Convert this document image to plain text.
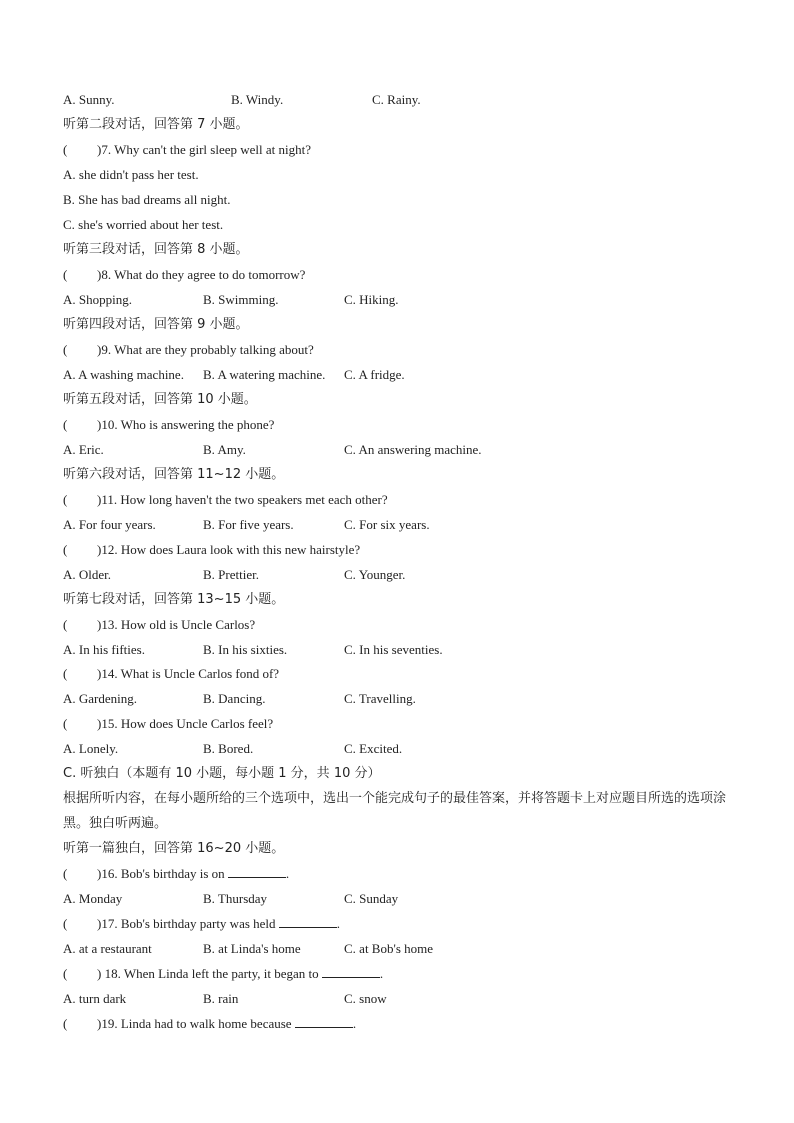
A. Sunny.	B. Windy.	C. Rainy.
听第二段对话，回答第 7 小题。
( )7. Why can't the girl sleep well at night?
A. she didn't pass her test.
B. She has bad dreams all night.
C. she's worried about her test.
听第三段对话，回答第 8 小题。
( )8. What do they agree to do tomorrow?
A. Shopping.	B. Swimming.	C. Hiking.
听第四段对话，回答第 9 小题。
( )9. What are they probably talking about?
A. A washing machine. B. A watering machine. C. A fridge.
听第五段对话，回答第 10 小题。
( )10. Who is answering the phone?
A. Eric.	B. Amy.	C. An answering machine.
听第六段对话，回答第 11~12 小题。
( )11. How long haven't the two speakers met each other?
A. For four years.	B. For five years.	C. For six years.
( )12. How does Laura look with this new hairstyle?
A. Older.	B. Prettier.	C. Younger.
听第七段对话，回答第 13~15 小题。
( )13. How old is Uncle Carlos?
A. In his fifties.	B. In his sixties.	C. In his seventies.
( )14. What is Uncle Carlos fond of?
A. Gardening.	B. Dancing.	C. Travelling.
( )15. How does Uncle Carlos feel?
A. Lonely.	B. Bored.	C. Excited.
C. 听独白（本题有 10 小题，每小题 1 分，共 10 分）
根据所听内容，在每小题所给的三个选项中，选出一个能完成句子的最佳答案，并将答题卡上对应题目所选的选项涂黑。独白听两遍。
听第一篇独白，回答第 16~20 小题。
( )16. Bob's birthday is on	.
A. Monday	B. Thursday	C. Sunday
( )17. Bob's birthday party was held	.
A. at a restaurant	B. at Linda's home	C. at Bob's home
( ) 18. When Linda left the party, it began to	.
A. turn dark	B. rain	C. snow
( )19. Linda had to walk home because	.
